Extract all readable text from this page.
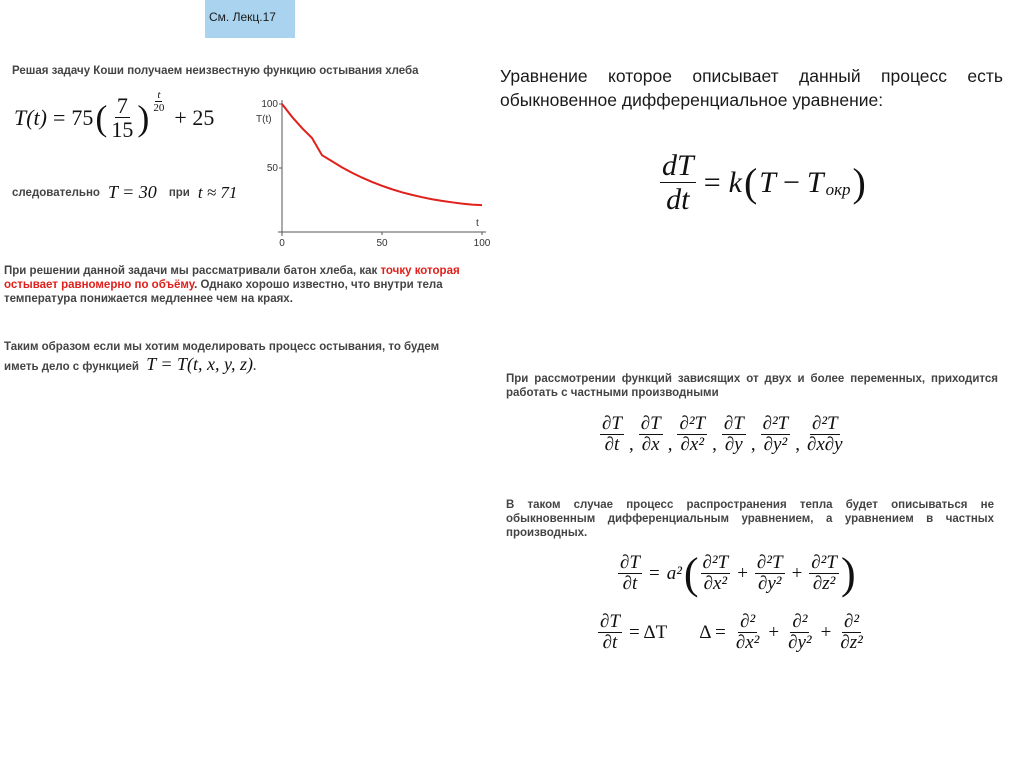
См. Лекц.17
Решая задачу Коши получаем неизвестную функцию остывания хлеба
T(t) = 75 ( $\frac{7}{15}$ ) $\frac{t}{20}$
+ 25
следовательно T = 30 при t ≈ 71
100
50
0	50	100
T(t)
t
При решении данной задачи мы рассматривали батон хлеба, как точку которая остывает равномерно по объёму. Однако хорошо известно, что внутри тела температура понижается медленнее чем на краях.
Таким образом если мы хотим моделировать процесс остывания, то будем иметь дело с функцией T = T(t, x, y, z).
Уравнение которое описывает данный процесс есть обыкновенное дифференциальное уравнение:
$\frac{dT}{dt} = k$ ( $T - T_{окр}$ )
При рассмотрении функций зависящих от двух и более переменных, приходится работать с частными производными
$\frac{\partial T}{\partial t}$ , $\frac{\partial T}{\partial x}$ , $\frac{\text{∂²T}}{\text{∂x²}}$ , $\frac{\partial T}{\partial y}$ , $\frac{\text{∂²T}}{\text{∂y²}}$ , $\frac{\text{∂²T}}{\partial x\partial y}$
В таком случае процесс распространения тепла будет описываться не обыкновенным дифференциальным уравнением, а уравнением в частных производных.
$\frac{\partial T}{\partial t} = a^2$ ( $\frac{\text{∂²T}}{\text{∂x²}} + \frac{\text{∂²T}}{\text{∂y²}} + \frac{\text{∂²T}}{\text{∂z²}}$ )
$\frac{\partial T}{\partial t} = \Delta T$ $\Delta = \frac{\text{∂²}}{\text{∂x²}} + \frac{\text{∂²}}{\text{∂y²}} + \frac{\text{∂²}}{\text{∂z²}}$
